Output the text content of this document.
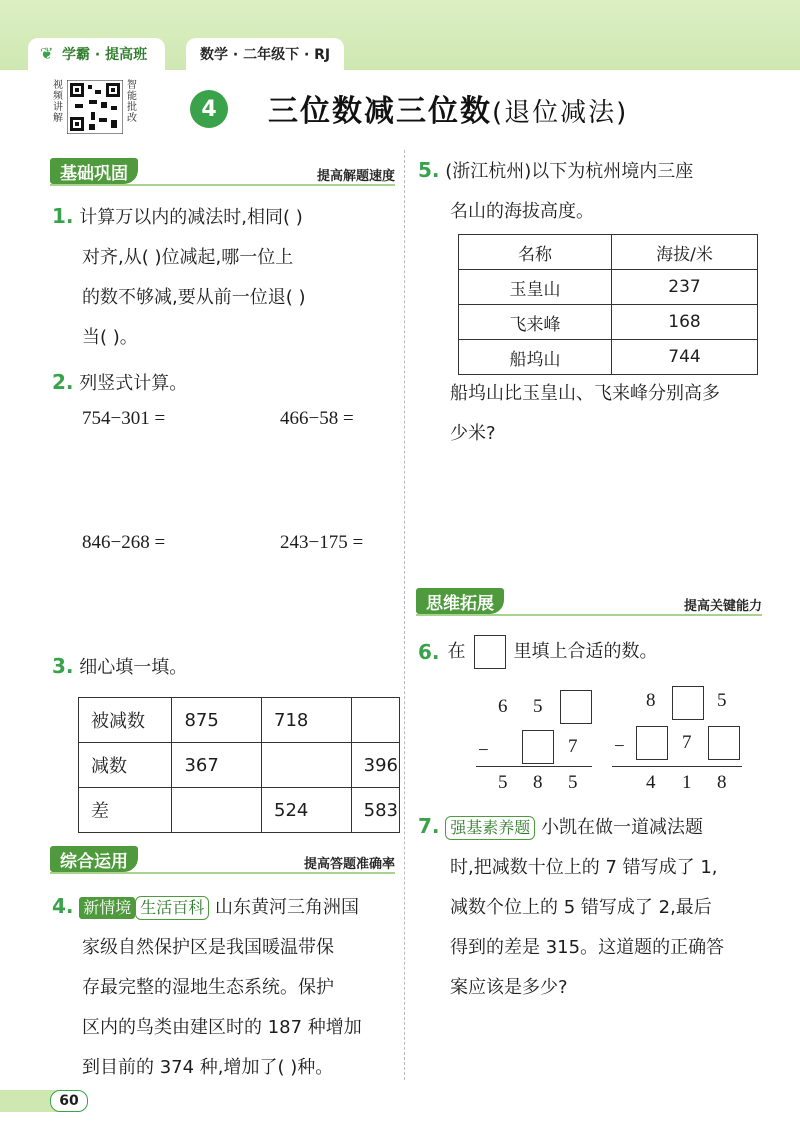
❦ 学霸 · 提高班	数学 · 二年级下 · RJ
视频讲解
智能批改	4	三位数减三位数(退位减法)
基础巩固	提高解题速度
1. 计算万以内的减法时,相同( )
对齐,从( )位减起,哪一位上
的数不够减,要从前一位退( )
当( )。
2. 列竖式计算。
754−301 =	466−58 =
846−268 =	243−175 =
3. 细心填一填。
被减数	875	718	
减数	367		396
差		524	583
综合运用	提高答题准确率
4. 新情境 生活百科 山东黄河三角洲国
家级自然保护区是我国暖温带保
存最完整的湿地生态系统。保护
区内的鸟类由建区时的 187 种增加
到目前的 374 种,增加了( )种。
5. (浙江杭州)以下为杭州境内三座
名山的海拔高度。
名称	海拔/米
玉皇山	237
飞来峰	168
船坞山	744
船坞山比玉皇山、飞来峰分别高多
少米?
思维拓展	提高关键能力
6. 在	里填上合适的数。
6 5
−	7
5 8 5
8	5
−	7
4 1 8
7. 强基素养题 小凯在做一道减法题
时,把减数十位上的 7 错写成了 1,
减数个位上的 5 错写成了 2,最后
得到的差是 315。这道题的正确答
案应该是多少?
60
